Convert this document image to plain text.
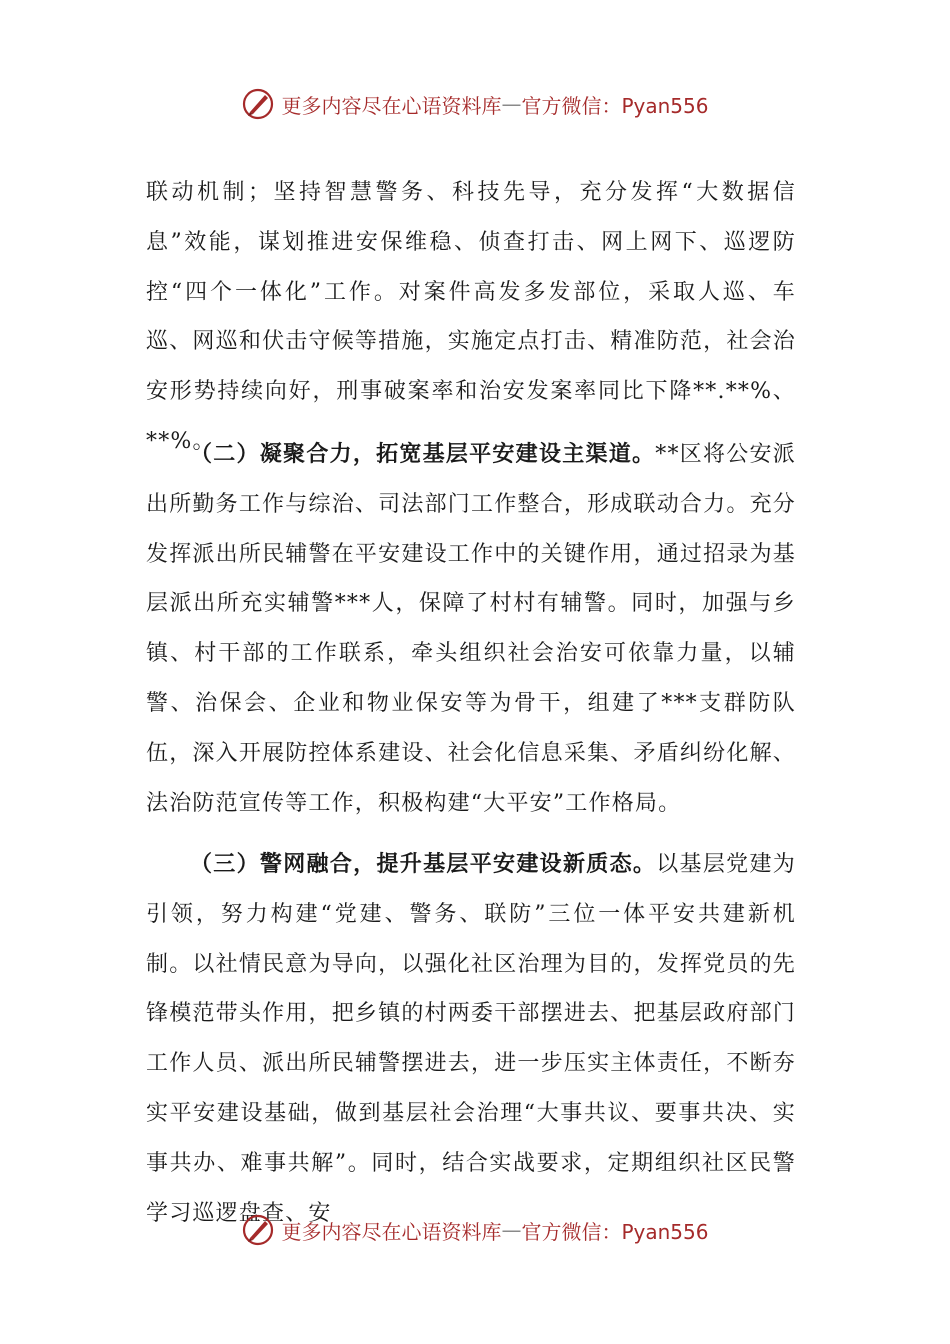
更多内容尽在心语资料库 — 官方微信：Pyan556

联动机制；坚持智慧警务、科技先导，充分发挥“大数据信息”效能，谋划推进安保维稳、侦查打击、网上网下、巡逻防控“四个一体化”工作。对案件高发多发部位，采取人巡、车巡、网巡和伏击守候等措施，实施定点打击、精准防范，社会治安形势持续向好，刑事破案率和治安发案率同比下降**.**%、**%。

（二）凝聚合力，拓宽基层平安建设主渠道。**区将公安派出所勤务工作与综治、司法部门工作整合，形成联动合力。充分发挥派出所民辅警在平安建设工作中的关键作用，通过招录为基层派出所充实辅警***人，保障了村村有辅警。同时，加强与乡镇、村干部的工作联系，牵头组织社会治安可依靠力量，以辅警、治保会、企业和物业保安等为骨干，组建了***支群防队伍，深入开展防控体系建设、社会化信息采集、矛盾纠纷化解、法治防范宣传等工作，积极构建“大平安”工作格局。

（三）警网融合，提升基层平安建设新质态。以基层党建为引领，努力构建“党建、警务、联防”三位一体平安共建新机制。以社情民意为导向，以强化社区治理为目的，发挥党员的先锋模范带头作用，把乡镇的村两委干部摆进去、把基层政府部门工作人员、派出所民辅警摆进去，进一步压实主体责任，不断夯实平安建设基础，做到基层社会治理“大事共议、要事共决、实事共办、难事共解”。同时，结合实战要求，定期组织社区民警学习巡逻盘查、安

更多内容尽在心语资料库 — 官方微信：Pyan556
